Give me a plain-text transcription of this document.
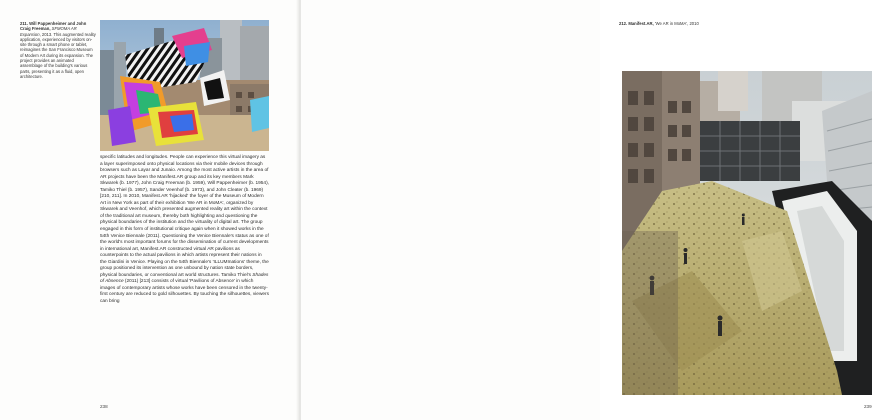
211. Will Pappenheimer and John Craig Freeman, SFMOMA AR Expansion, 2013. This augmented reality application, experienced by visitors on-site through a smart phone or tablet, reimagines the San Francisco Museum of Modern Art during its expansion. The project provides an animated assemblage of the building's various parts, presenting it as a fluid, open architecture.

specific latitudes and longitudes. People can experience this virtual imagery as a layer superimposed onto physical locations via their mobile devices through browsers such as Layar and Junaio. Among the most active artists in the area of AR projects have been the Manifest.AR group and its key members Mark Skwarek (b. 1977), John Craig Freeman (b. 1959), Will Pappenheimer (b. 1954), Tamiko Thiel (b. 1957), Sander Veenhof (b. 1973), and John Cleater (b. 1969) [210, 211]. In 2010, Manifest.AR 'hijacked' the foyer of the Museum of Modern Art in New York as part of their exhibition 'We AR in MoMA', organized by Skwarek and Veenhof, which presented augmented reality art within the context of the traditional art museum, thereby both highlighting and questioning the physical boundaries of the institution and the virtuality of digital art. The group engaged in this form of institutional critique again when it showed works in the 54th Venice Biennale (2011). Questioning the Venice Biennale's status as one of the world's most important forums for the dissemination of current developments in international art, Manifest.AR constructed virtual AR pavilions as counterpoints to the actual pavilions in which artists represent their nations in the Giardini in Venice. Playing on the 54th Biennale's 'ILLUMInations' theme, the group positioned its intervention as one unbound by nation state borders, physical boundaries, or conventional art world structures. Tamiko Thiel's Shades of Absence (2011) [213] consists of virtual 'Pavilions of Absence' in which images of contemporary artists whose works have been censored in the twenty-first century are reduced to gold silhouettes. By touching the silhouettes, viewers can bring

238
212. Manifest.AR, 'We AR in MoMA', 2010
239
